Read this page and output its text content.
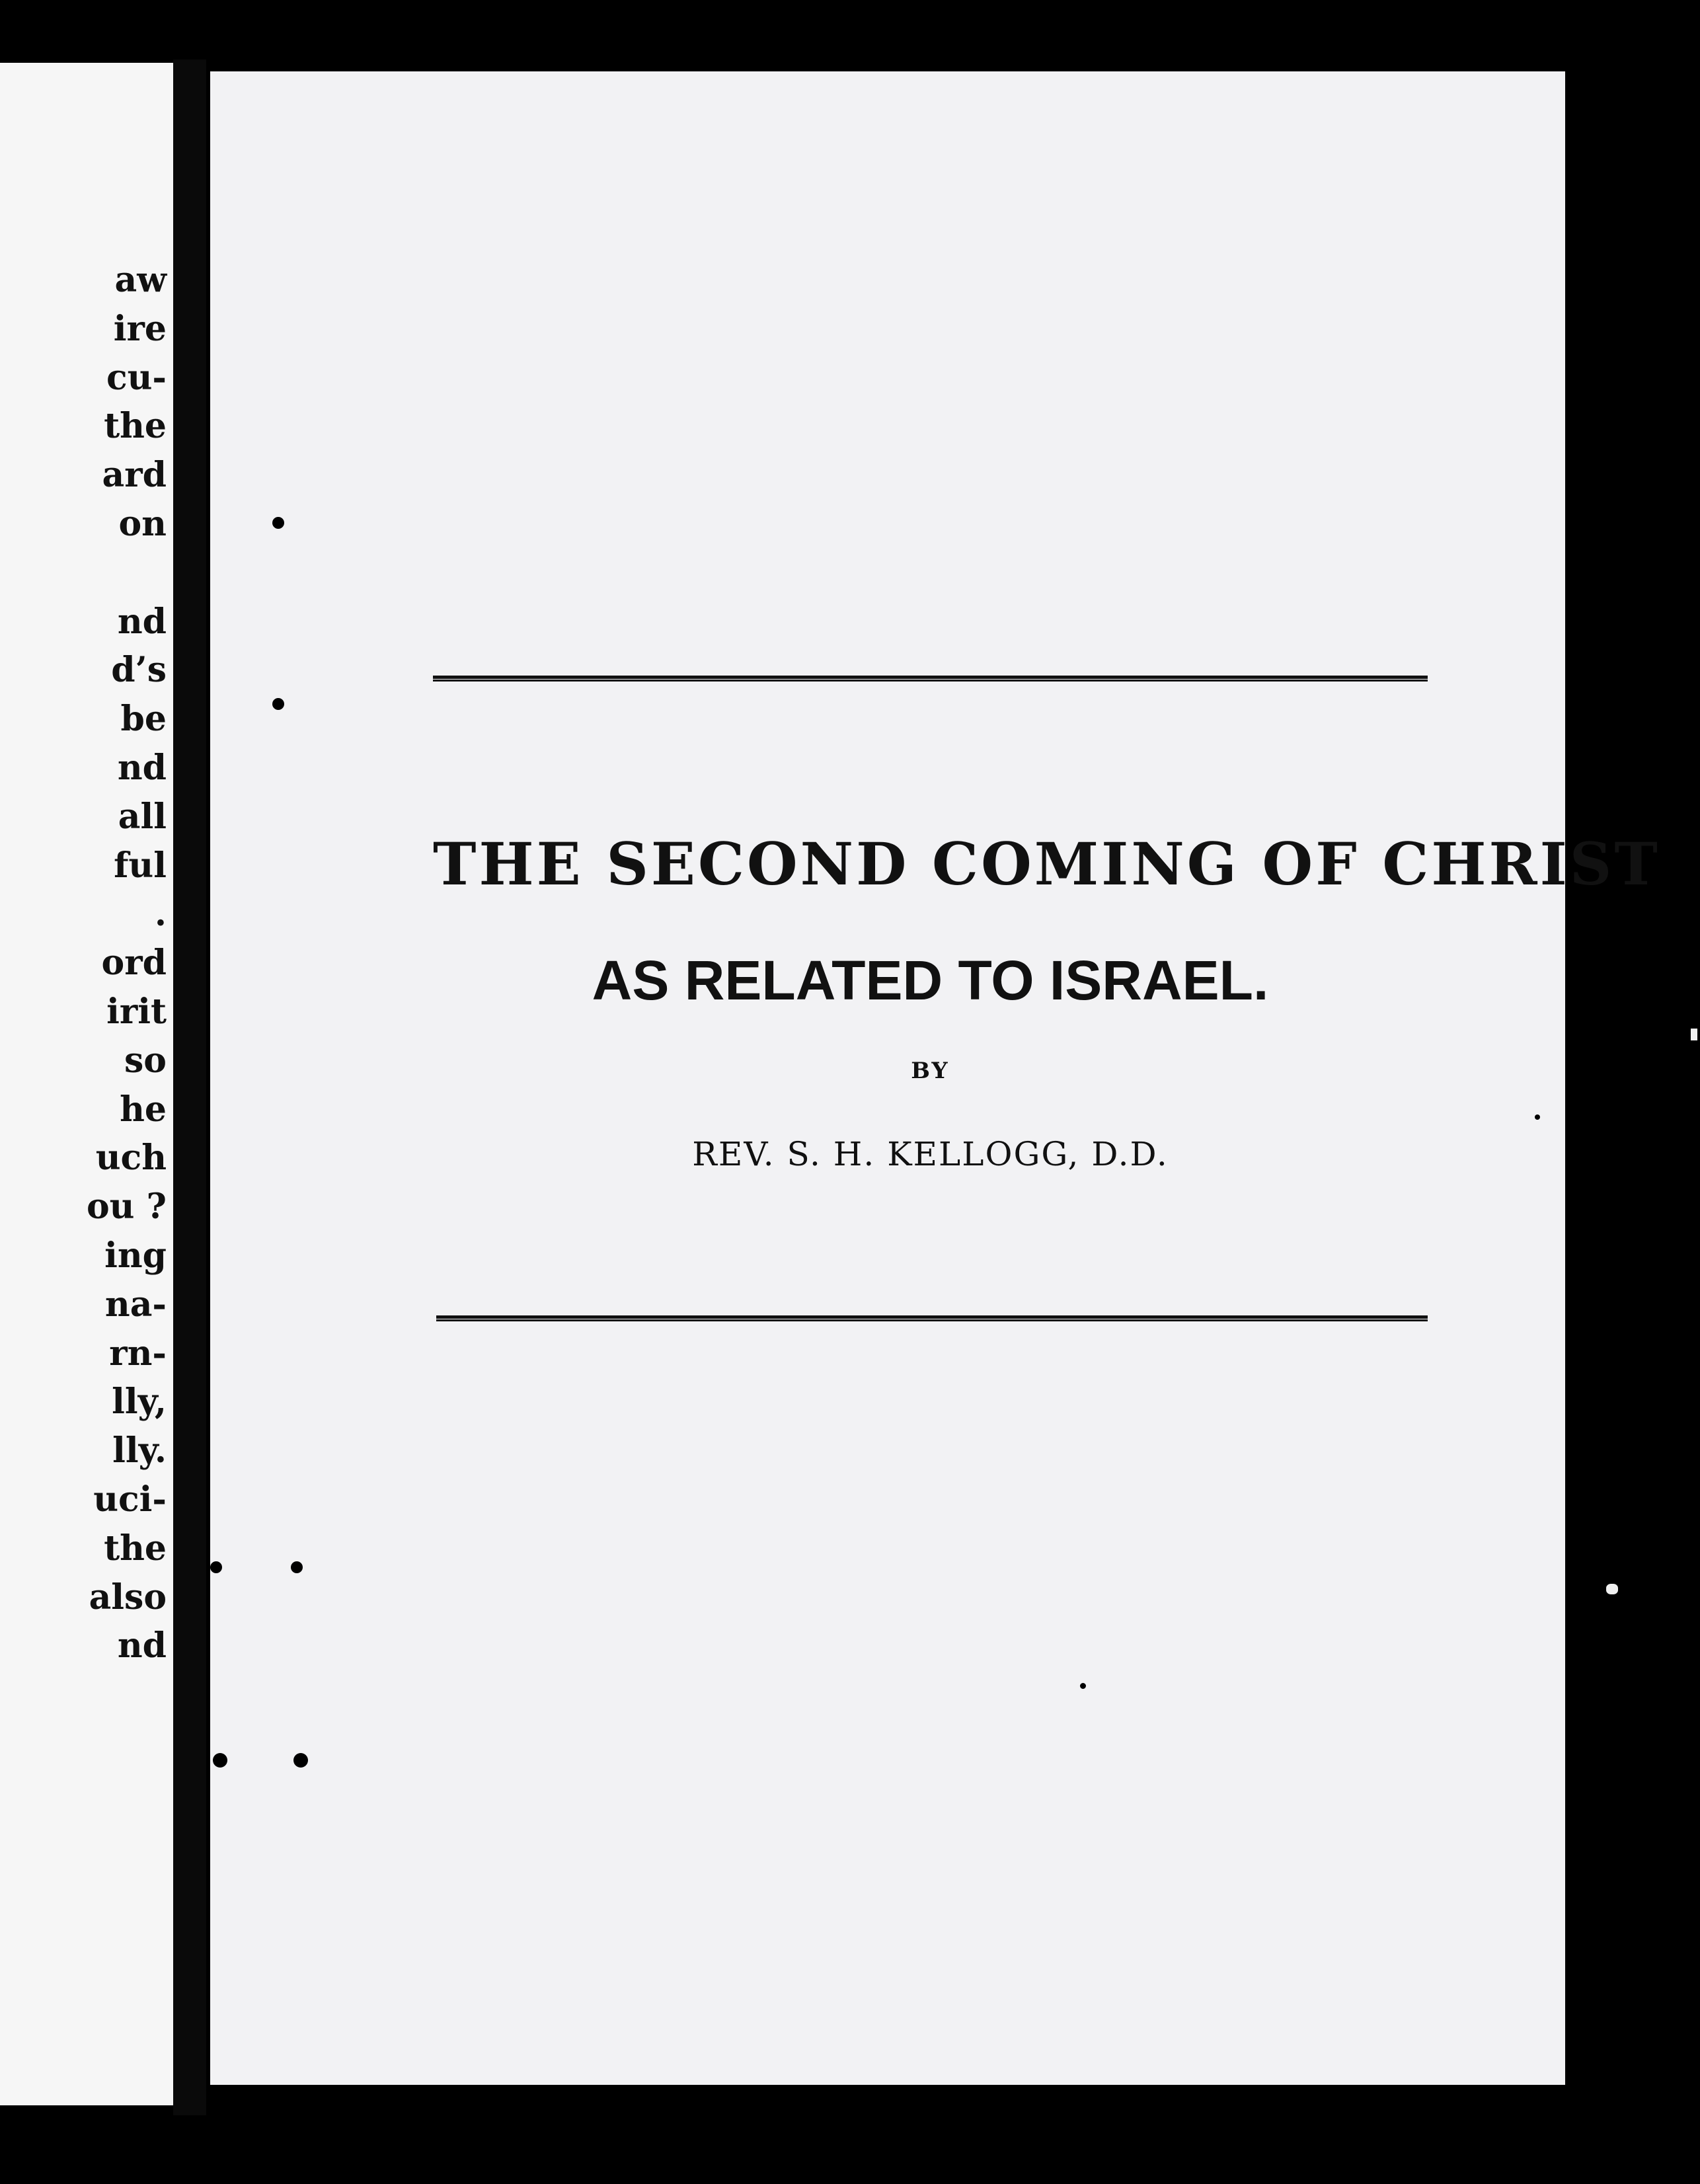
aw
ire
cu-
the
ard
on

nd
d’s
be
nd
all
ful
.
ord
irit
so
he
uch
ou ?
ing
na-
rn-
lly,
lly.
uci-
the
also
nd
THE SECOND COMING OF CHRIST
AS RELATED TO ISRAEL.
BY
REV. S. H. KELLOGG, D.D.
